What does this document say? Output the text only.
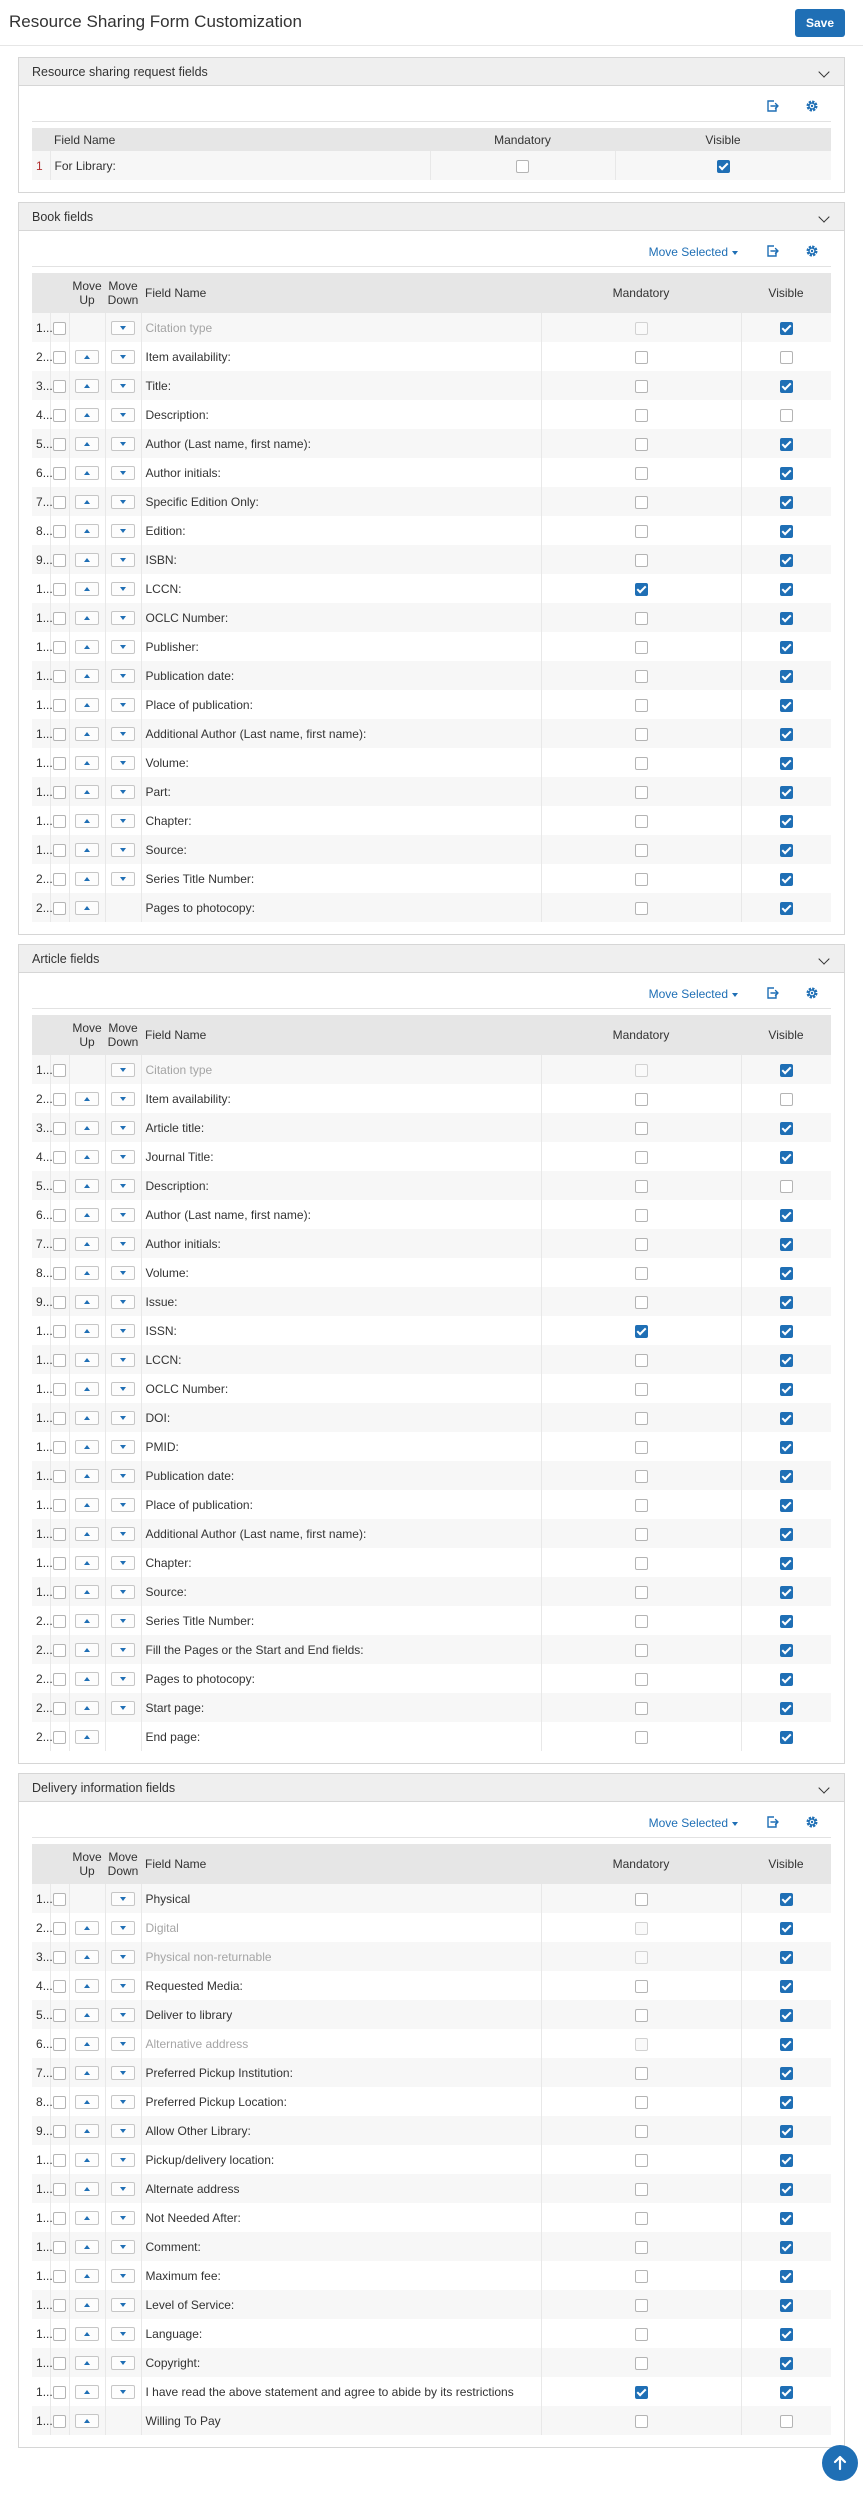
Resource Sharing Form Customization	Save
Resource sharing request fields
	Field Name	Mandatory	Visible
1	For Library:		
Book fields
Move Selected
		Move Up	Move Down	Field Name	Mandatory	Visible
1...				Citation type		
2...				Item availability:		
3...				Title:		
4...				Description:		
5...				Author (Last name, first name):		
6...				Author initials:		
7...				Specific Edition Only:		
8...				Edition:		
9...				ISBN:		
1...				LCCN:		
1...				OCLC Number:		
1...				Publisher:		
1...				Publication date:		
1...				Place of publication:		
1...				Additional Author (Last name, first name):		
1...				Volume:		
1...				Part:		
1...				Chapter:		
1...				Source:		
2...				Series Title Number:		
2...				Pages to photocopy:		
Article fields
Move Selected
		Move Up	Move Down	Field Name	Mandatory	Visible
1...				Citation type		
2...				Item availability:		
3...				Article title:		
4...				Journal Title:		
5...				Description:		
6...				Author (Last name, first name):		
7...				Author initials:		
8...				Volume:		
9...				Issue:		
1...				ISSN:		
1...				LCCN:		
1...				OCLC Number:		
1...				DOI:		
1...				PMID:		
1...				Publication date:		
1...				Place of publication:		
1...				Additional Author (Last name, first name):		
1...				Chapter:		
1...				Source:		
2...				Series Title Number:		
2...				Fill the Pages or the Start and End fields:		
2...				Pages to photocopy:		
2...				Start page:		
2...				End page:		
Delivery information fields
Move Selected
		Move Up	Move Down	Field Name	Mandatory	Visible
1...				Physical		
2...				Digital		
3...				Physical non-returnable		
4...				Requested Media:		
5...				Deliver to library		
6...				Alternative address		
7...				Preferred Pickup Institution:		
8...				Preferred Pickup Location:		
9...				Allow Other Library:		
1...				Pickup/delivery location:		
1...				Alternate address		
1...				Not Needed After:		
1...				Comment:		
1...				Maximum fee:		
1...				Level of Service:		
1...				Language:		
1...				Copyright:		
1...				I have read the above statement and agree to abide by its restrictions		
1...				Willing To Pay		
